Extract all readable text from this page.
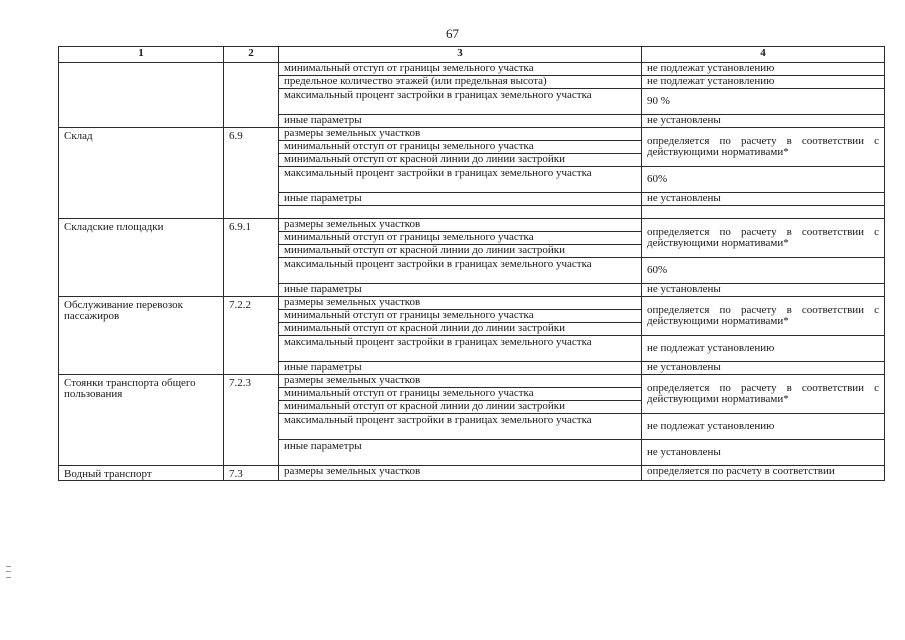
67
1	2	3	4
		минимальный отступ от границы земельного участка	не подлежат установлению
		предельное количество этажей (или предельная высота)	не подлежат установлению
		максимальный процент застройки в границах земельного участка	90 %
		иные параметры	не установлены
Склад	6.9	размеры земельных участков	определяется по расчету в соответствии с действующими нормативами*
		минимальный отступ от границы земельного участка	
		минимальный отступ от красной линии до линии застройки	
		максимальный процент застройки в границах земельного участка	60%
		иные параметры	не установлены

Складские площадки	6.9.1	размеры земельных участков	определяется по расчету в соответствии с действующими нормативами*
		минимальный отступ от границы земельного участка	
		минимальный отступ от красной линии до линии застройки	
		максимальный процент застройки в границах земельного участка	60%
		иные параметры	не установлены
Обслуживание перевозок пассажиров	7.2.2	размеры земельных участков	определяется по расчету в соответствии с действующими нормативами*
		минимальный отступ от границы земельного участка	
		минимальный отступ от красной линии до линии застройки	
		максимальный процент застройки в границах земельного участка	не подлежат установлению
		иные параметры	не установлены
Стоянки транспорта общего пользования	7.2.3	размеры земельных участков	определяется по расчету в соответствии с действующими нормативами*
		минимальный отступ от границы земельного участка	
		минимальный отступ от красной линии до линии застройки	
		максимальный процент застройки в границах земельного участка	не подлежат установлению
		иные параметры	не установлены
Водный транспорт	7.3	размеры земельных участков	определяется по расчету в соответствии
